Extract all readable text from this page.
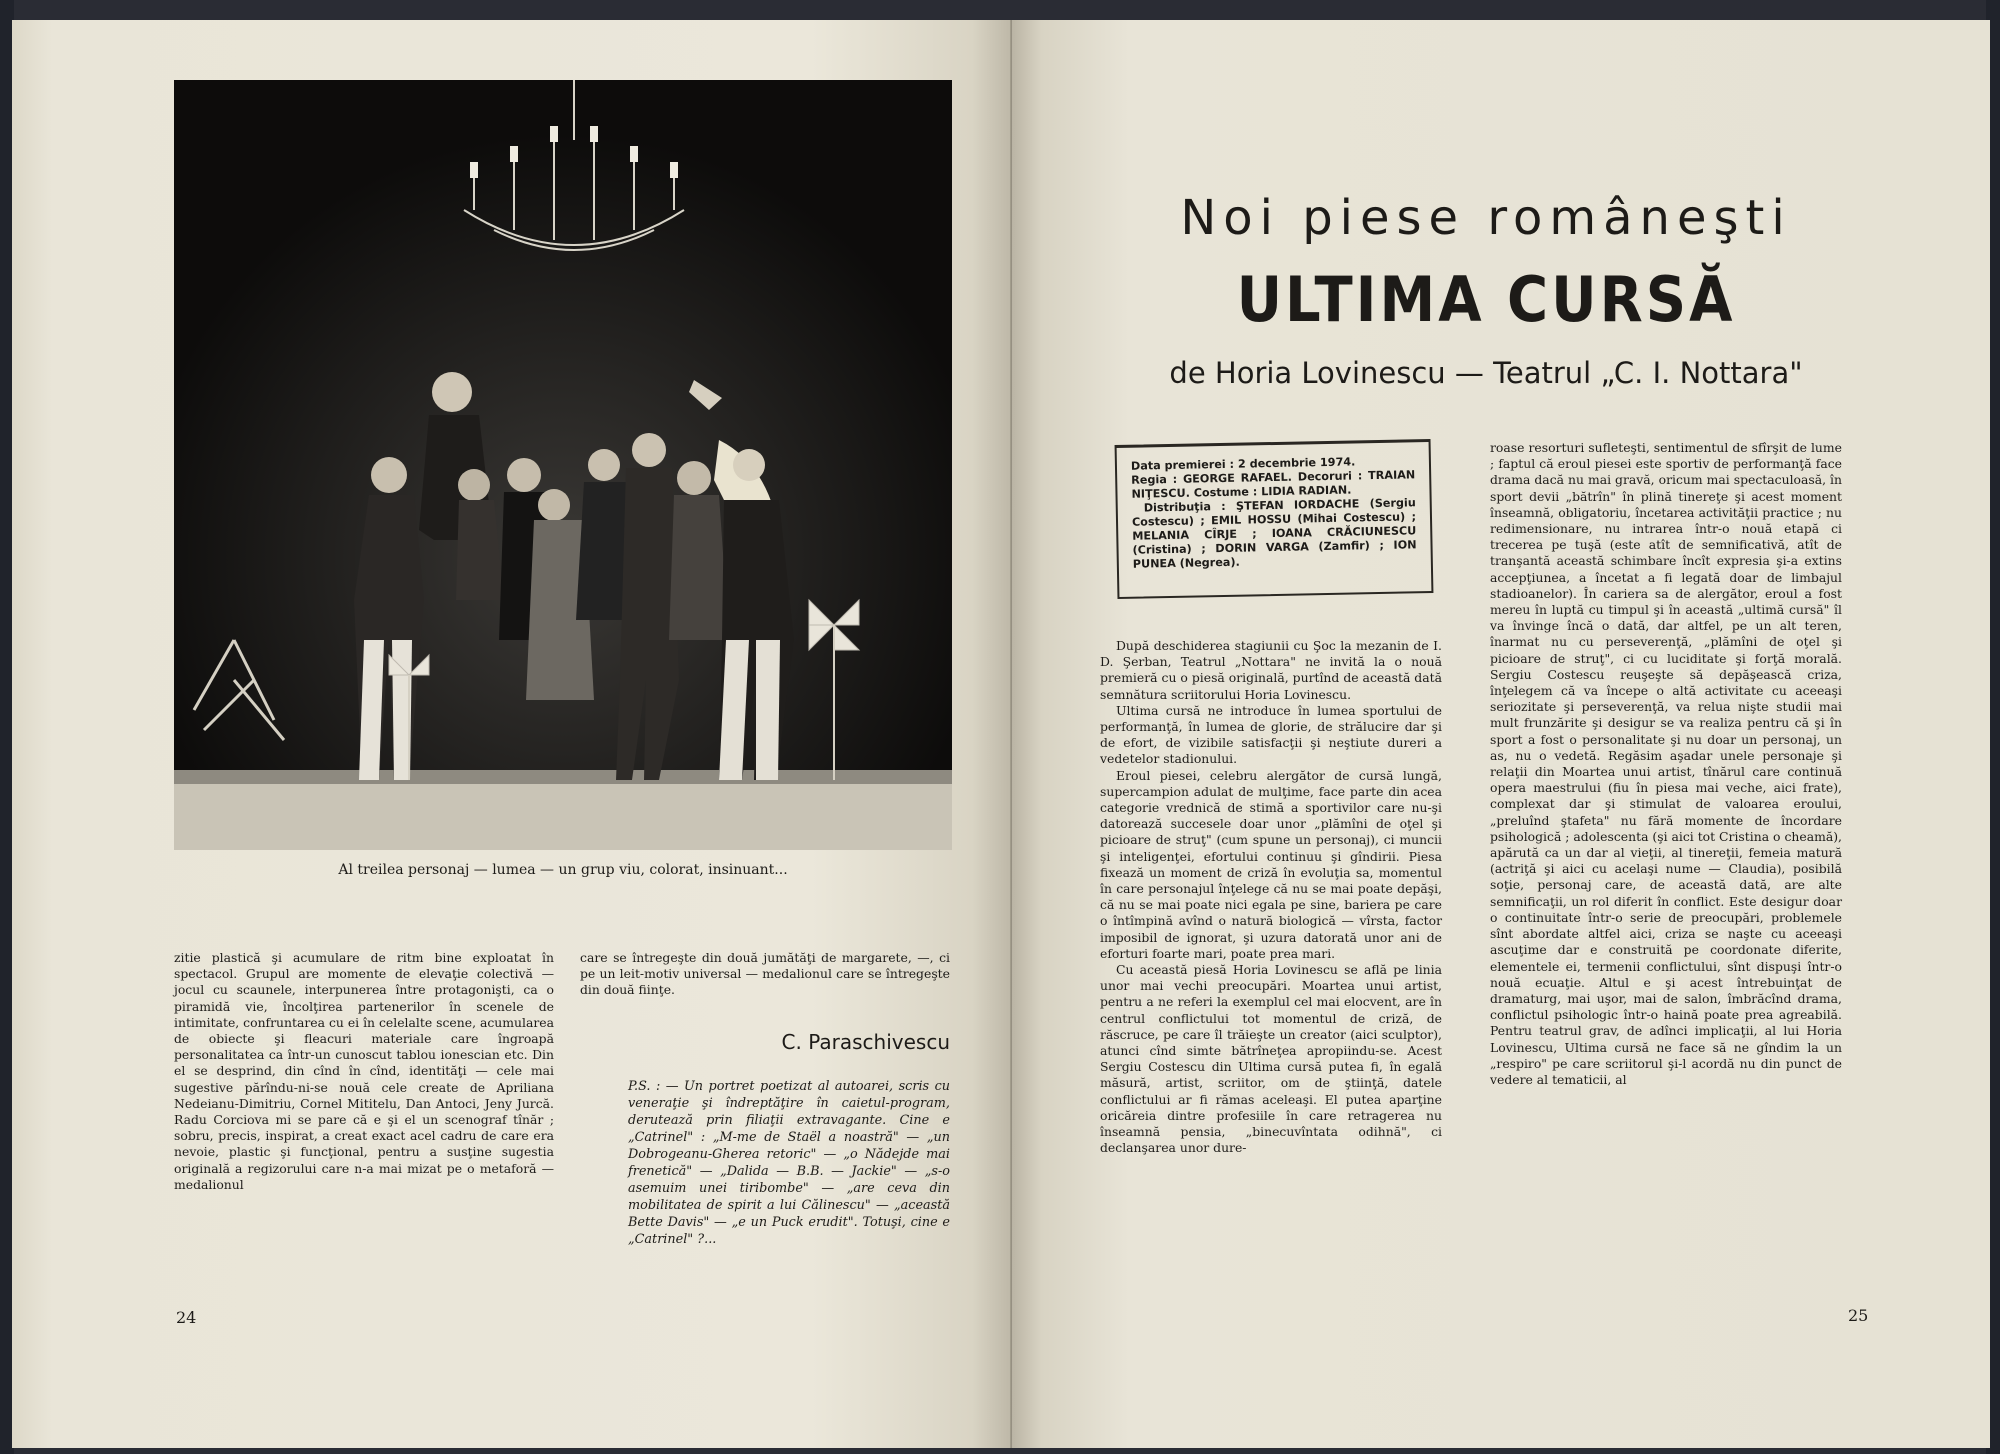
Al treilea personaj — lumea — un grup viu, colorat, insinuant...

zitie plastică şi acumulare de ritm bine exploatat în spectacol. Grupul are momente de elevaţie colectivă — jocul cu scaunele, interpunerea între protagonişti, ca o piramidă vie, încolţirea partenerilor în scenele de intimitate, confruntarea cu ei în celelalte scene, acumularea de obiecte şi fleacuri materiale care îngroapă personalitatea ca într-un cunoscut tablou ionescian etc. Din el se desprind, din cînd în cînd, identităţi — cele mai sugestive părîndu-ni-se nouă cele create de Apriliana Nedeianu-Dimitriu, Cornel Mititelu, Dan Antoci, Jeny Jurcă. Radu Corciova mi se pare că e şi el un scenograf tînăr ; sobru, precis, inspirat, a creat exact acel cadru de care era nevoie, plastic şi funcţional, pentru a susţine sugestia originală a regizorului care n-a mai mizat pe o metaforă — medalionul

care se întregeşte din două jumătăţi de margarete, —, ci pe un leit-motiv universal — medalionul care se întregeşte din două fiinţe.

C. Paraschivescu
P.S. : — Un portret poetizat al autoarei, scris cu veneraţie şi îndreptăţire în caietul-program, derutează prin filiaţii extravagante. Cine e „Catrinel" : „M-me de Staël a noastră" — „un Dobrogeanu-Gherea retoric" — „o Nădejde mai frenetică" — „Dalida — B.B. — Jackie" — „s-o asemuim unei tiribombe" — „are ceva din mobilitatea de spirit a lui Călinescu" — „această Bette Davis" — „e un Puck erudit". Totuşi, cine e „Catrinel" ?...
24
Noi piese româneşti
ULTIMA CURSĂ
de Horia Lovinescu — Teatrul „C. I. Nottara"

Data premierei : 2 decembrie 1974.

Regia : GEORGE RAFAEL. Decoruri : TRAIAN NIŢESCU. Costume : LIDIA RADIAN.

Distribuţia : ŞTEFAN IORDACHE (Sergiu Costescu) ; EMIL HOSSU (Mihai Costescu) ; MELANIA CÎRJE ; IOANA CRĂCIUNESCU (Cristina) ; DORIN VARGA (Zamfir) ; ION PUNEA (Negrea).

După deschiderea stagiunii cu Şoc la mezanin de I. D. Şerban, Teatrul „Nottara" ne invită la o nouă premieră cu o piesă originală, purtînd de această dată semnătura scriitorului Horia Lovinescu.

Ultima cursă ne introduce în lumea sportului de performanţă, în lumea de glorie, de strălucire dar şi de efort, de vizibile satisfacţii şi neştiute dureri a vedetelor stadionului.

Eroul piesei, celebru alergător de cursă lungă, supercampion adulat de mulţime, face parte din acea categorie vrednică de stimă a sportivilor care nu-şi datorează succesele doar unor „plămîni de oţel şi picioare de struţ" (cum spune un personaj), ci muncii şi inteligenţei, efortului continuu şi gîndirii. Piesa fixează un moment de criză în evoluţia sa, momentul în care personajul înţelege că nu se mai poate depăşi, că nu se mai poate nici egala pe sine, bariera pe care o întîmpină avînd o natură biologică — vîrsta, factor imposibil de ignorat, şi uzura datorată unor ani de eforturi foarte mari, poate prea mari.

Cu această piesă Horia Lovinescu se află pe linia unor mai vechi preocupări. Moartea unui artist, pentru a ne referi la exemplul cel mai elocvent, are în centrul conflictului tot momentul de criză, de răscruce, pe care îl trăieşte un creator (aici sculptor), atunci cînd simte bătrîneţea apropiindu-se. Acest Sergiu Costescu din Ultima cursă putea fi, în egală măsură, artist, scriitor, om de ştiinţă, datele conflictului ar fi rămas aceleaşi. El putea aparţine oricăreia dintre profesiile în care retragerea nu înseamnă pensia, „binecuvîntata odihnă", ci declanşarea unor dure-

roase resorturi sufleteşti, sentimentul de sfîrşit de lume ; faptul că eroul piesei este sportiv de performanţă face drama dacă nu mai gravă, oricum mai spectaculoasă, în sport devii „bătrîn" în plină tinereţe şi acest moment înseamnă, obligatoriu, încetarea activităţii practice ; nu redimensionare, nu intrarea într-o nouă etapă ci trecerea pe tuşă (este atît de semnificativă, atît de tranşantă această schimbare încît expresia şi-a extins accepţiunea, a încetat a fi legată doar de limbajul stadioanelor). În cariera sa de alergător, eroul a fost mereu în luptă cu timpul şi în această „ultimă cursă" îl va învinge încă o dată, dar altfel, pe un alt teren, înarmat nu cu perseverenţă, „plămîni de oţel şi picioare de struţ", ci cu luciditate şi forţă morală. Sergiu Costescu reuşeşte să depăşească criza, înţelegem că va începe o altă activitate cu aceeaşi seriozitate şi perseverenţă, va relua nişte studii mai mult frunzărite şi desigur se va realiza pentru că şi în sport a fost o personalitate şi nu doar un personaj, un as, nu o vedetă. Regăsim aşadar unele personaje şi relaţii din Moartea unui artist, tînărul care continuă opera maestrului (fiu în piesa mai veche, aici frate), complexat dar şi stimulat de valoarea eroului, „preluînd ştafeta" nu fără momente de încordare psihologică ; adolescenta (şi aici tot Cristina o cheamă), apărută ca un dar al vieţii, al tinereţii, femeia matură (actriţă şi aici cu acelaşi nume — Claudia), posibilă soţie, personaj care, de această dată, are alte semnificaţii, un rol diferit în conflict. Este desigur doar o continuitate într-o serie de preocupări, problemele sînt abordate altfel aici, criza se naşte cu aceeaşi ascuţime dar e construită pe coordonate diferite, elementele ei, termenii conflictului, sînt dispuşi într-o nouă ecuaţie. Altul e şi acest întrebuinţat de dramaturg, mai uşor, mai de salon, îmbrăcînd drama, conflictul psihologic într-o haină poate prea agreabilă. Pentru teatrul grav, de adînci implicaţii, al lui Horia Lovinescu, Ultima cursă ne face să ne gîndim la un „respiro" pe care scriitorul şi-l acordă nu din punct de vedere al tematicii, al

25
